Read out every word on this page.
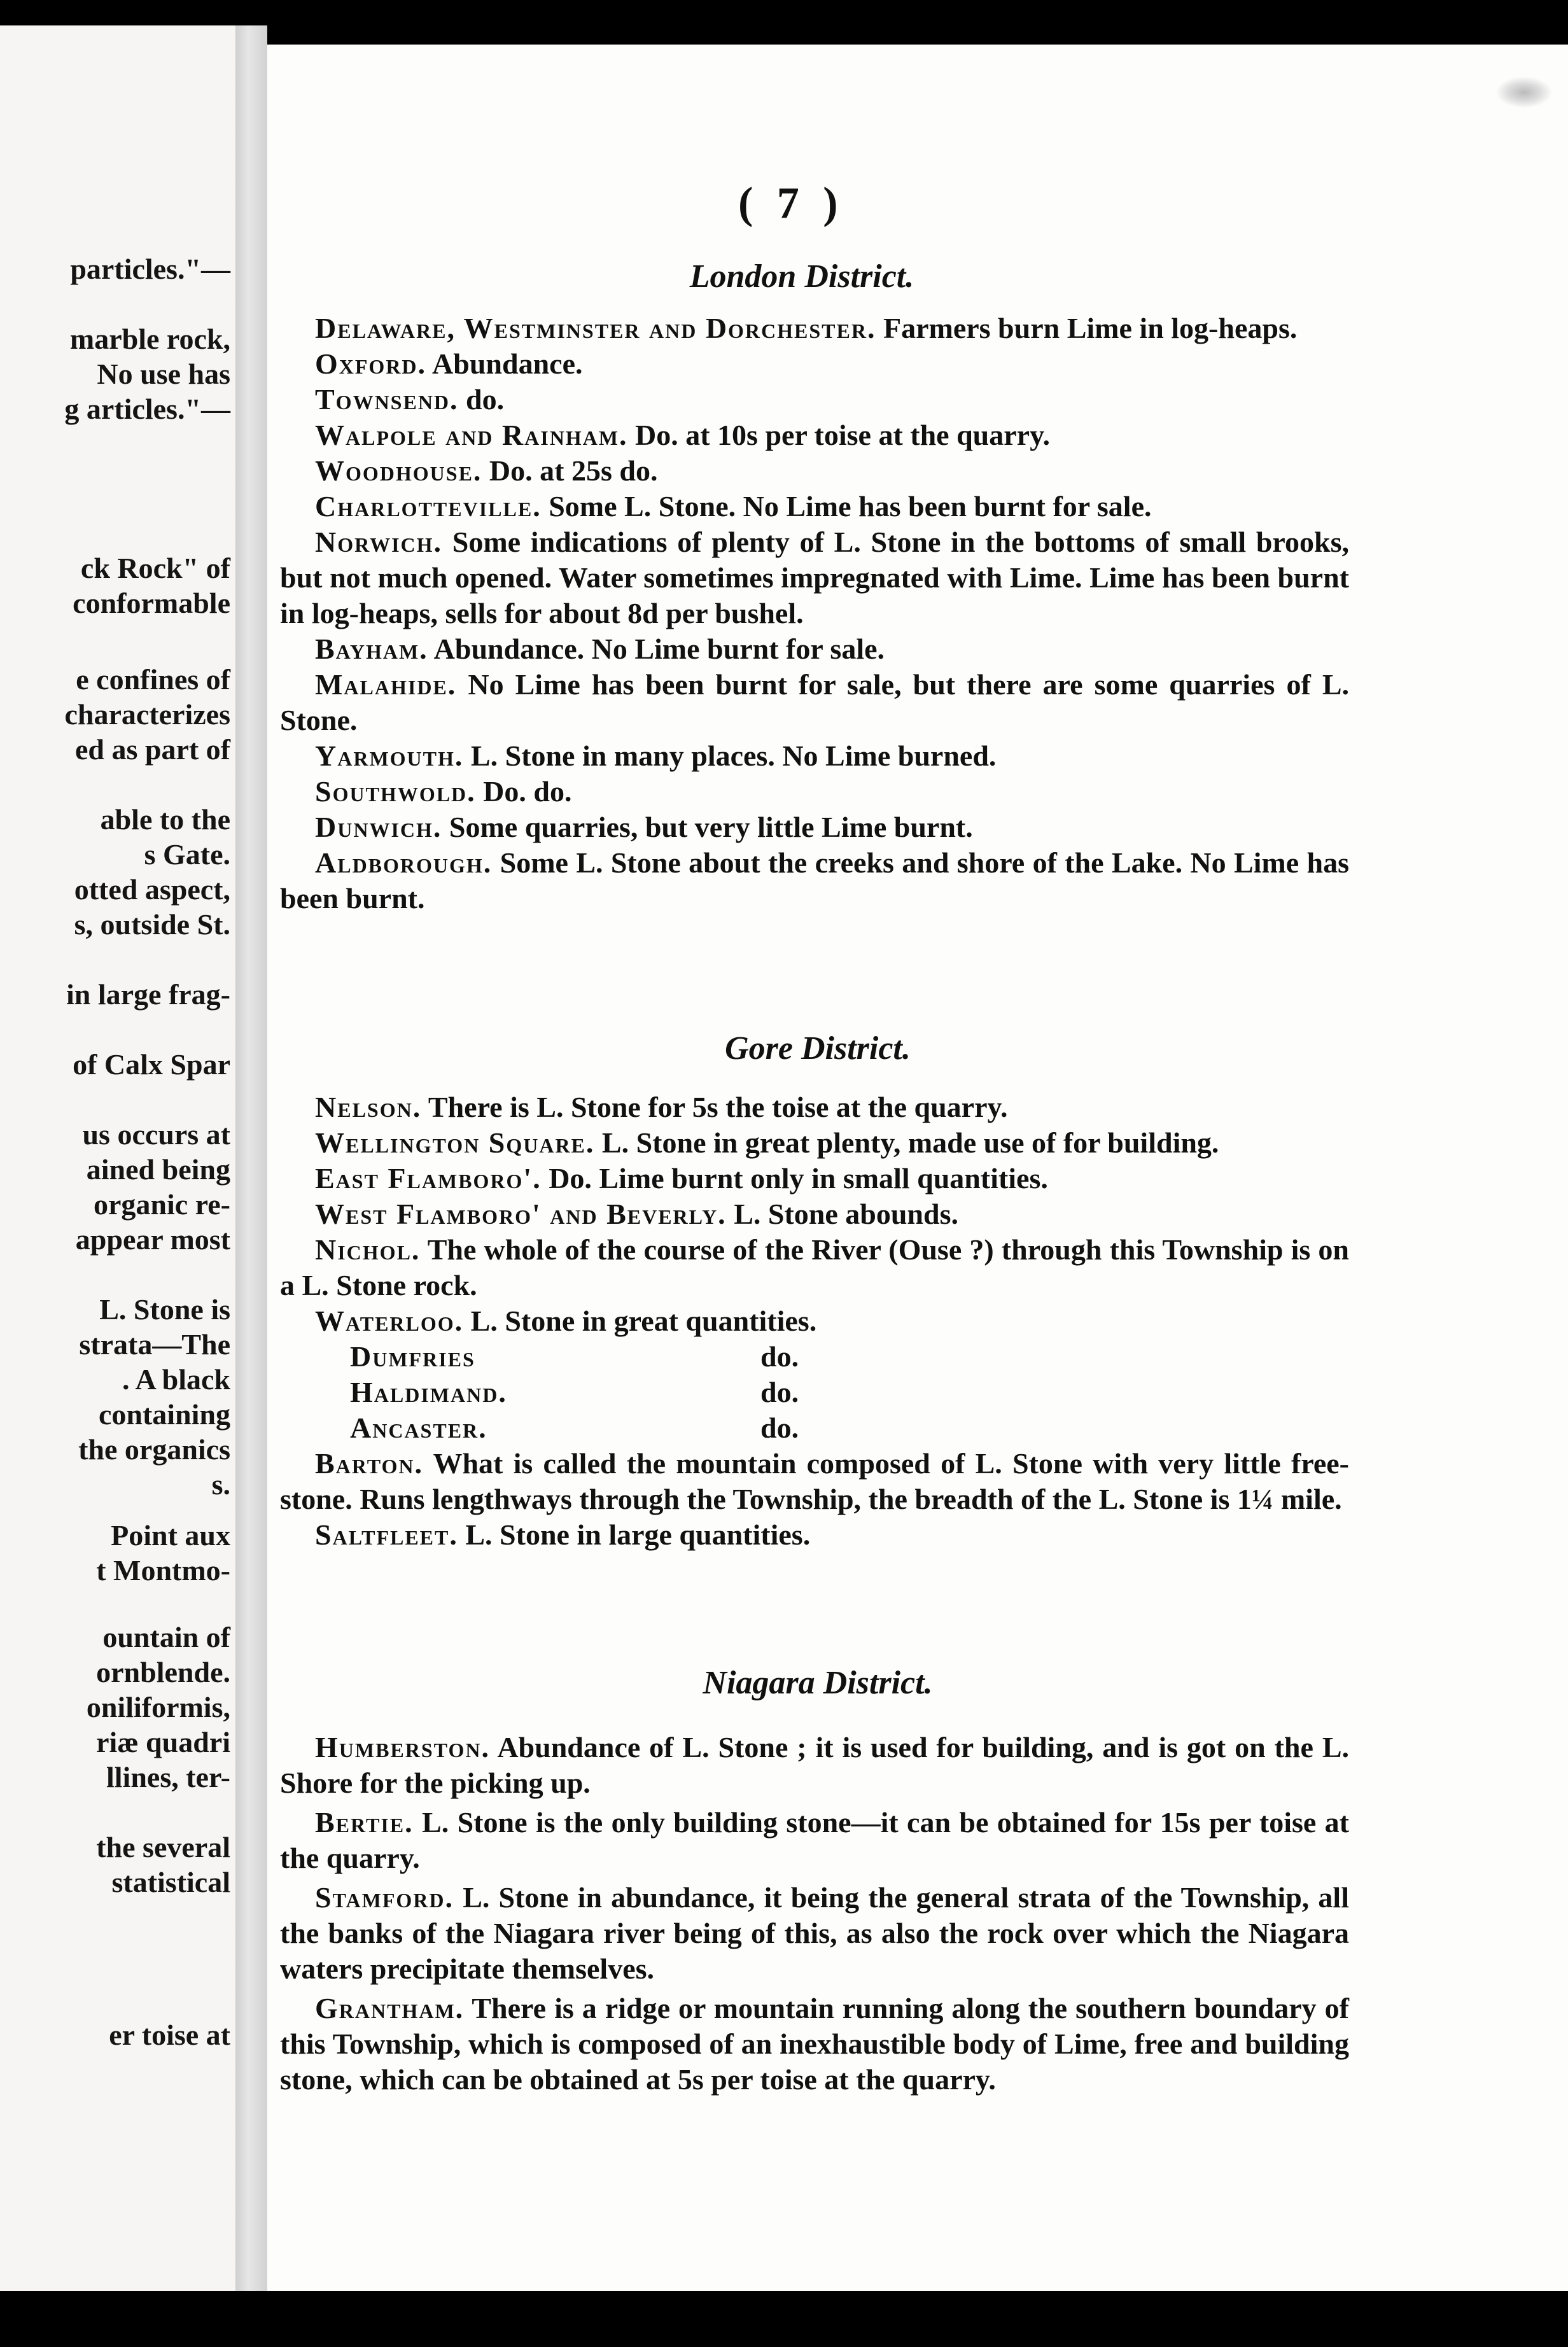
particles."—
marble rock,
No use has
g articles."—
ck Rock" of
conformable
e confines of
characterizes
ed as part of
able to the
s Gate.
otted aspect,
s, outside St.
in large frag-
of Calx Spar
us occurs at
ained being
organic re-
appear most
L. Stone is
strata—The
. A black
containing
the organics
s.
Point aux
t Montmo-
ountain of
ornblende.
oniliformis,
riæ quadri
llines, ter-
the several
statistical
er toise at
( 7 )
London District.

Delaware, Westminster and Dorchester. Farmers burn Lime in log-heaps.

Oxford. Abundance.

Townsend. do.

Walpole and Rainham. Do. at 10s per toise at the quarry.

Woodhouse. Do. at 25s do.

Charlotteville. Some L. Stone. No Lime has been burnt for sale.

Norwich. Some indications of plenty of L. Stone in the bottoms of small brooks, but not much opened. Water sometimes impregnated with Lime. Lime has been burnt in log-heaps, sells for about 8d per bushel.

Bayham. Abundance. No Lime burnt for sale.

Malahide. No Lime has been burnt for sale, but there are some quarries of L. Stone.

Yarmouth. L. Stone in many places. No Lime burned.

Southwold. Do. do.

Dunwich. Some quarries, but very little Lime burnt.

Aldborough. Some L. Stone about the creeks and shore of the Lake. No Lime has been burnt.

Gore District.

Nelson. There is L. Stone for 5s the toise at the quarry.

Wellington Square. L. Stone in great plenty, made use of for building.

East Flamboro'. Do. Lime burnt only in small quantities.

West Flamboro' and Beverly. L. Stone abounds.

Nichol. The whole of the course of the River (Ouse ?) through this Township is on a L. Stone rock.

Waterloo. L. Stone in great quantities.

Dumfries	do.

Haldimand.	do.

Ancaster.	do.

Barton. What is called the mountain composed of L. Stone with very little free-stone. Runs lengthways through the Township, the breadth of the L. Stone is 1¼ mile.

Saltfleet. L. Stone in large quantities.

Niagara District.

Humberston. Abundance of L. Stone ; it is used for building, and is got on the L. Shore for the picking up.

Bertie. L. Stone is the only building stone—it can be obtained for 15s per toise at the quarry.

Stamford. L. Stone in abundance, it being the general strata of the Township, all the banks of the Niagara river being of this, as also the rock over which the Niagara waters precipitate themselves.

Grantham. There is a ridge or mountain running along the southern boundary of this Township, which is composed of an inexhaustible body of Lime, free and building stone, which can be obtained at 5s per toise at the quarry.
